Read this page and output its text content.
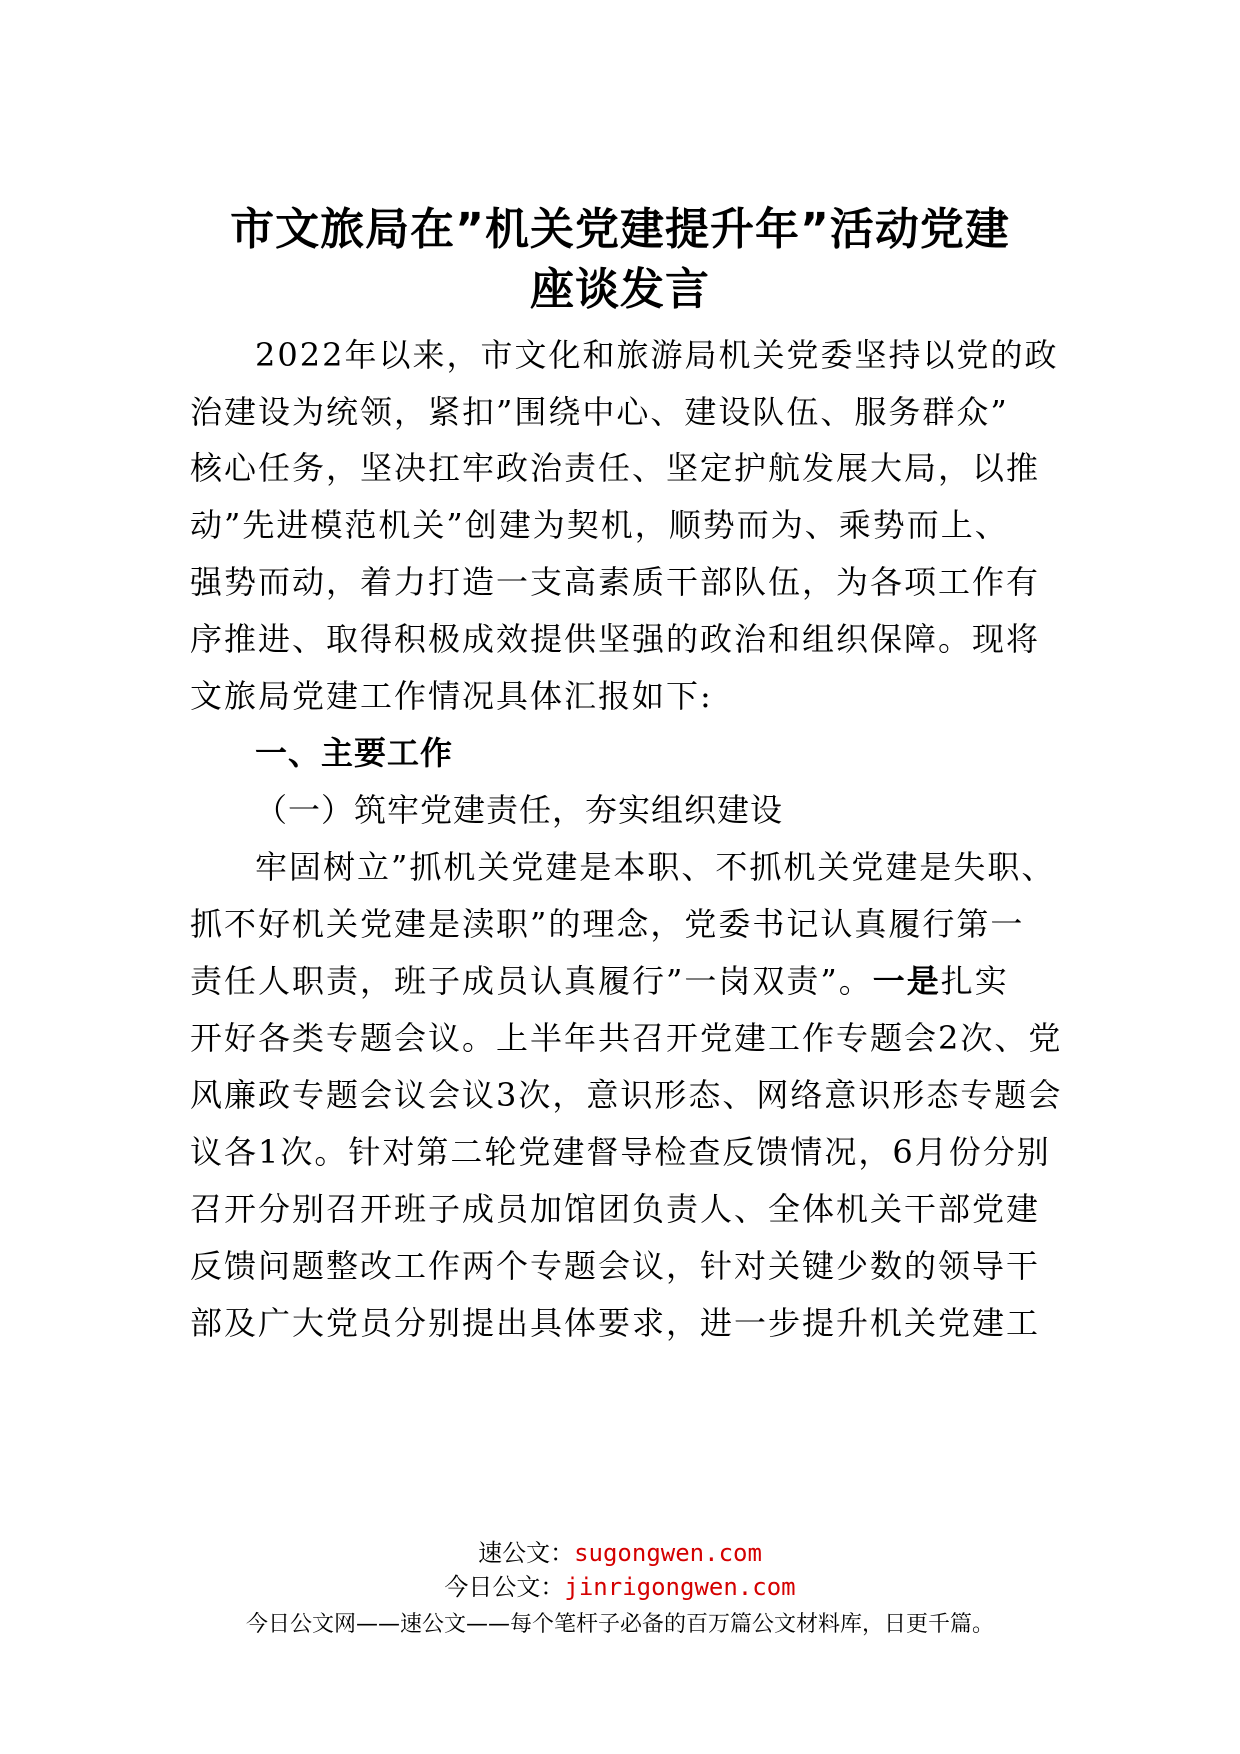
市文旅局在”机关党建提升年”活动党建
座谈发言
2022年以来，市文化和旅游局机关党委坚持以党的政
治建设为统领，紧扣”围绕中心、建设队伍、服务群众”
核心任务，坚决扛牢政治责任、坚定护航发展大局，以推
动”先进模范机关”创建为契机，顺势而为、乘势而上、
强势而动，着力打造一支高素质干部队伍，为各项工作有
序推进、取得积极成效提供坚强的政治和组织保障。现将
文旅局党建工作情况具体汇报如下:
一、主要工作
（一）筑牢党建责任，夯实组织建设
牢固树立”抓机关党建是本职、不抓机关党建是失职、
抓不好机关党建是渎职”的理念，党委书记认真履行第一
责任人职责，班子成员认真履行”一岗双责”。一是扎实
开好各类专题会议。上半年共召开党建工作专题会2次、党
风廉政专题会议会议3次，意识形态、网络意识形态专题会
议各1次。针对第二轮党建督导检查反馈情况，6月份分别
召开分别召开班子成员加馆团负责人、全体机关干部党建
反馈问题整改工作两个专题会议，针对关键少数的领导干
部及广大党员分别提出具体要求，进一步提升机关党建工
速公文：sugongwen.com
今日公文：jinrigongwen.com
今日公文网——速公文——每个笔杆子必备的百万篇公文材料库，日更千篇。
